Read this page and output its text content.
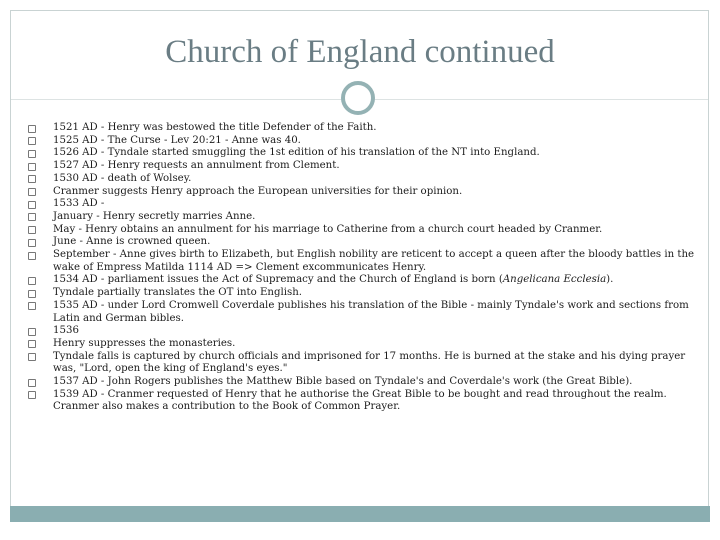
Church of England continued
1521 AD - Henry was bestowed the title Defender of the Faith.
1525 AD - The Curse - Lev 20:21 - Anne was 40.
1526 AD - Tyndale started smuggling the 1st edition of his translation of the NT into England.
1527 AD - Henry requests an annulment from Clement.
1530 AD - death of Wolsey.
Cranmer suggests Henry approach the European universities for their opinion.
1533 AD -
January - Henry secretly marries Anne.
May - Henry obtains an annulment for his marriage to Catherine from a church court headed by Cranmer.
June - Anne is crowned queen.
September - Anne gives birth to Elizabeth, but English nobility are reticent to accept a queen after the bloody battles in the wake of Empress Matilda 1114 AD => Clement excommunicates Henry.
1534 AD - parliament issues the Act of Supremacy and the Church of England is born (Angelicana Ecclesia).
Tyndale partially translates the OT into English.
1535 AD - under Lord Cromwell Coverdale publishes his translation of the Bible - mainly Tyndale's work and sections from Latin and German bibles.
1536
Henry suppresses the monasteries.
Tyndale falls is captured by church officials and imprisoned for 17 months. He is burned at the stake and his dying prayer was, "Lord, open the king of England's eyes."
1537 AD - John Rogers publishes the Matthew Bible based on Tyndale's and Coverdale's work (the Great Bible).
1539 AD - Cranmer requested of Henry that he authorise the Great Bible to be bought and read throughout the realm. Cranmer also makes a contribution to the Book of Common Prayer.
